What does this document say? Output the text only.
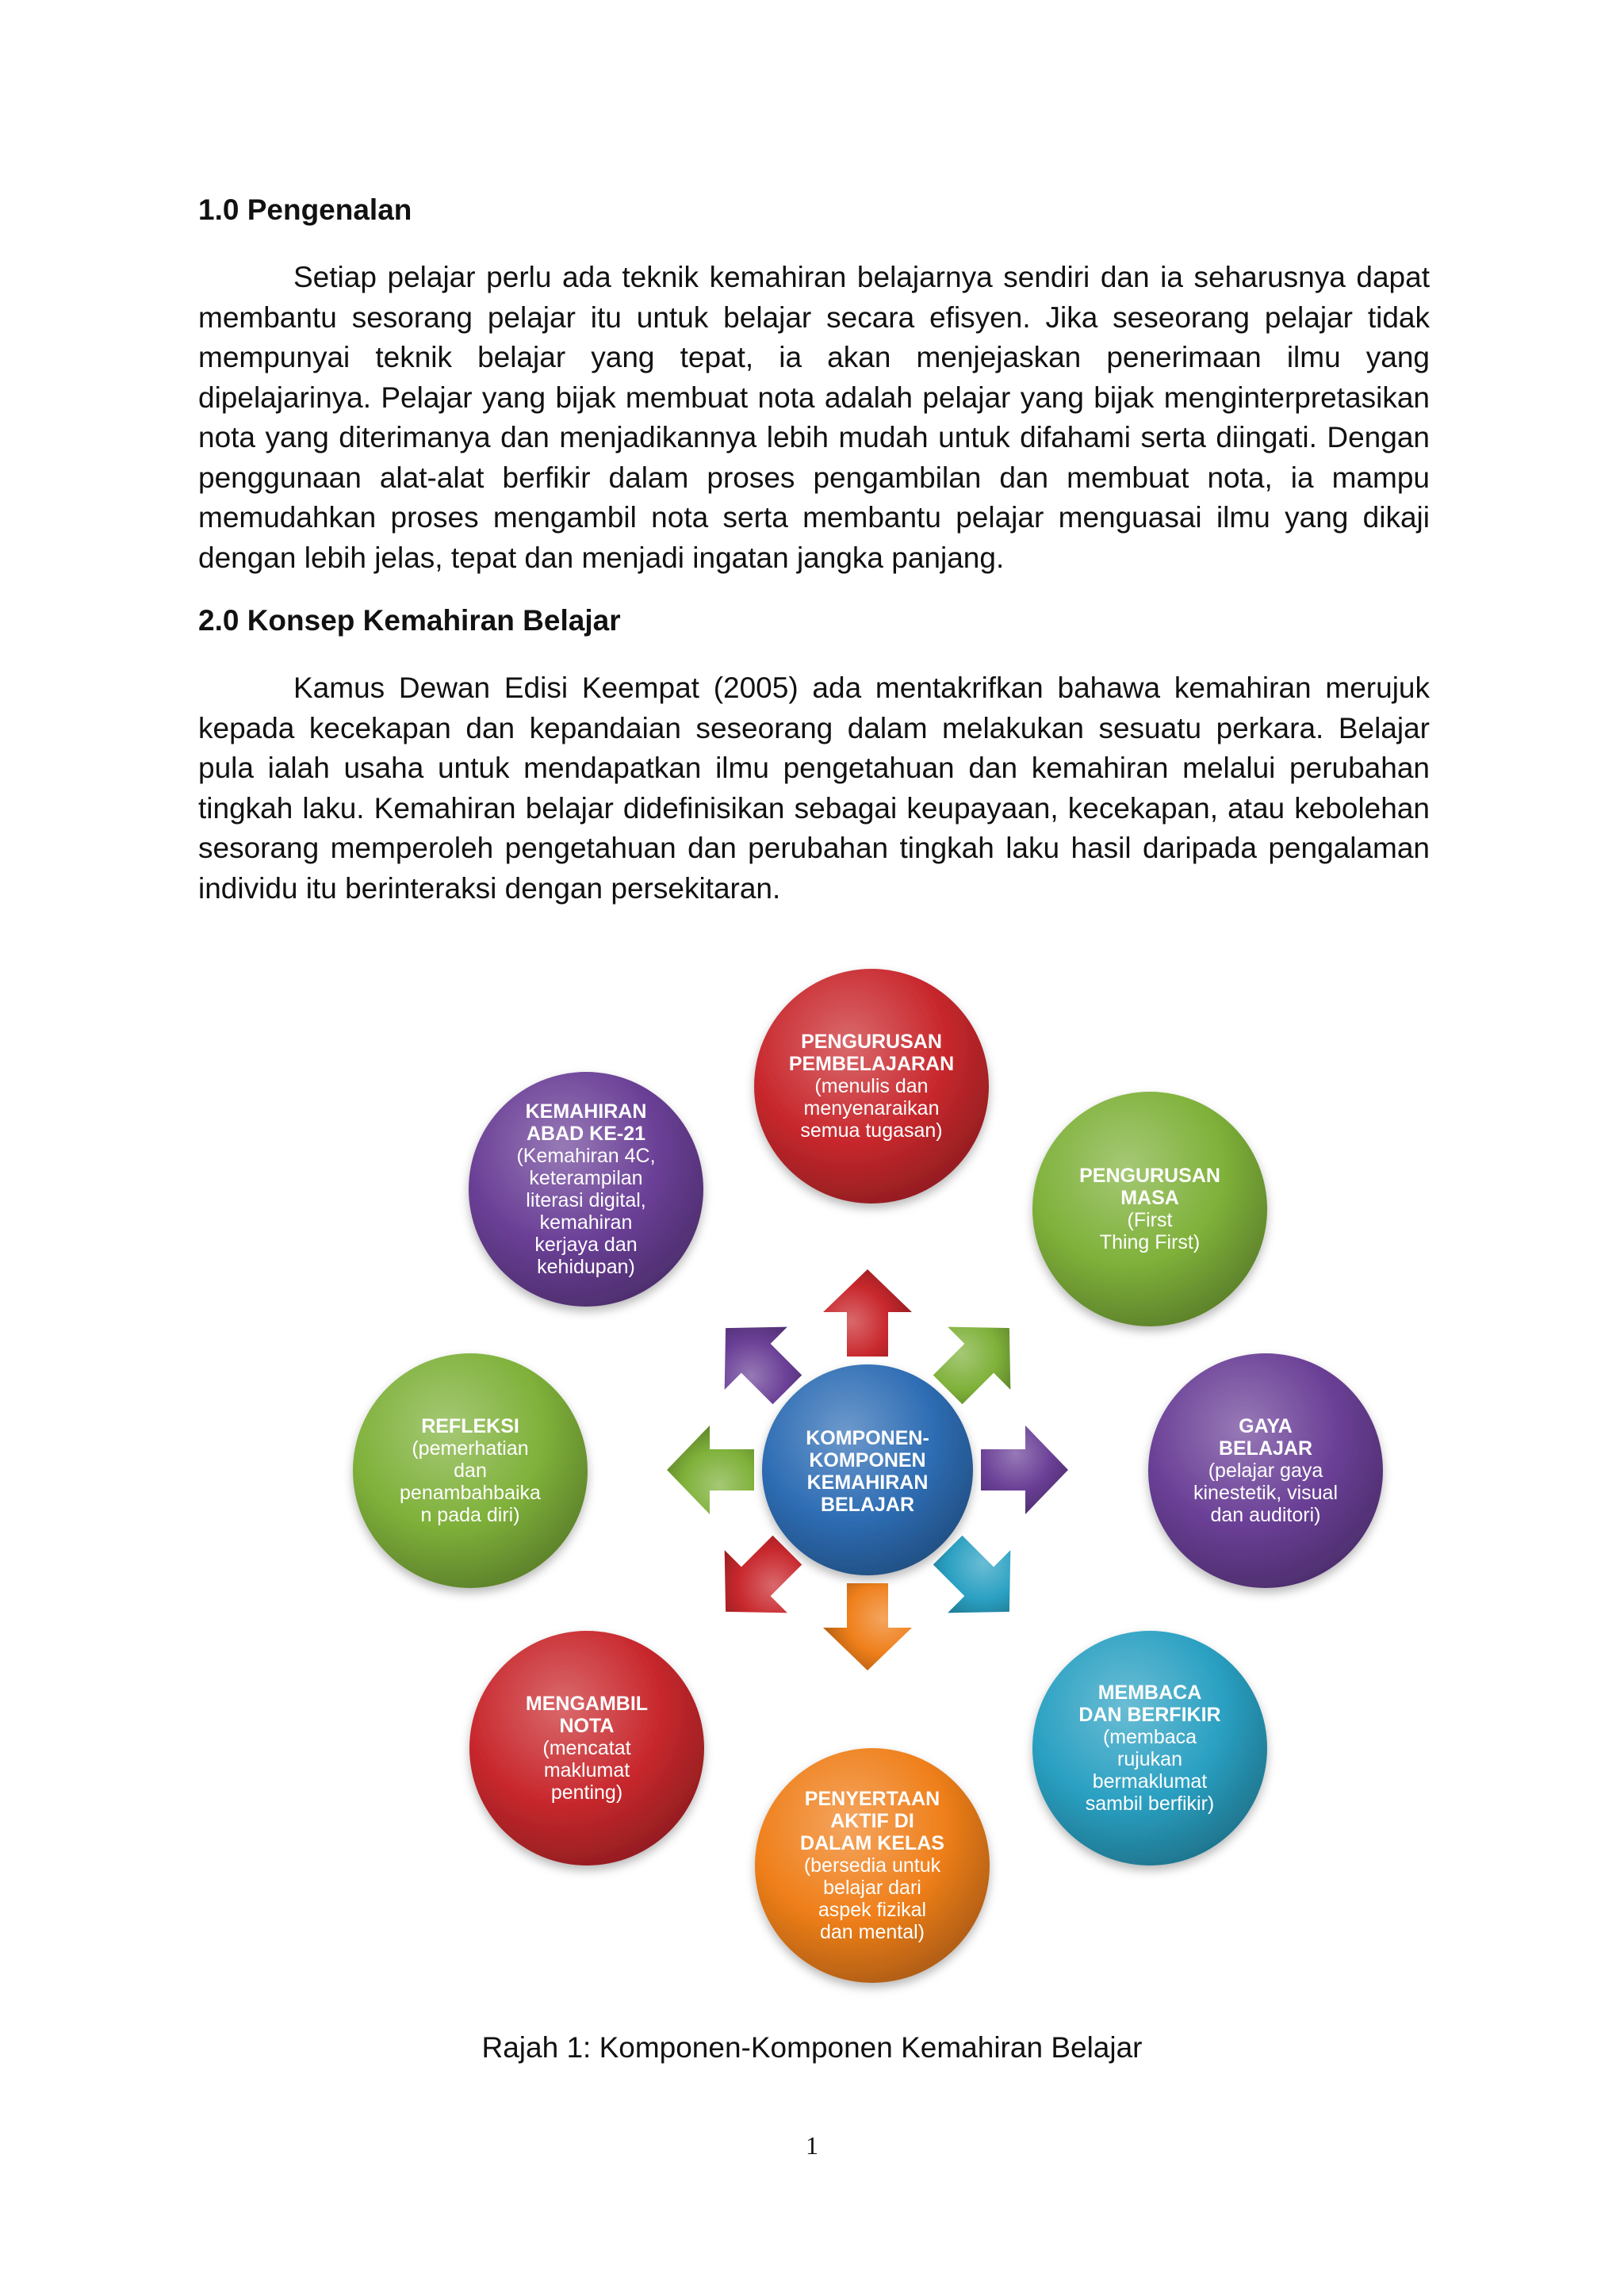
1.0 Pengenalan

Setiap pelajar perlu ada teknik kemahiran belajarnya sendiri dan ia seharusnya dapat membantu sesorang pelajar itu untuk belajar secara efisyen. Jika seseorang pelajar tidak mempunyai teknik belajar yang tepat, ia akan menjejaskan penerimaan ilmu yang dipelajarinya. Pelajar yang bijak membuat nota adalah pelajar yang bijak menginterpretasikan nota yang diterimanya dan menjadikannya lebih mudah untuk difahami serta diingati. Dengan penggunaan alat-alat berfikir dalam proses pengambilan dan membuat nota, ia mampu memudahkan proses mengambil nota serta membantu pelajar menguasai ilmu yang dikaji dengan lebih jelas, tepat dan menjadi ingatan jangka panjang.

2.0 Konsep Kemahiran Belajar

Kamus Dewan Edisi Keempat (2005) ada mentakrifkan bahawa kemahiran merujuk kepada kecekapan dan kepandaian seseorang dalam melakukan sesuatu perkara. Belajar pula ialah usaha untuk mendapatkan ilmu pengetahuan dan kemahiran melalui perubahan tingkah laku. Kemahiran belajar didefinisikan sebagai keupayaan, kecekapan, atau kebolehan sesorang memperoleh pengetahuan dan perubahan tingkah laku hasil daripada pengalaman individu itu berinteraksi dengan persekitaran.

PENGURUSAN PEMBELAJARAN (menulis dan menyenaraikan semua tugasan)
PENGURUSAN MASA (First Thing First)
GAYA BELAJAR (pelajar gaya kinestetik, visual dan auditori)
MEMBACA DAN BERFIKIR (membaca rujukan bermaklumat sambil berfikir)
PENYERTAAN AKTIF DI DALAM KELAS (bersedia untuk belajar dari aspek fizikal dan mental)
MENGAMBIL NOTA (mencatat maklumat penting)
REFLEKSI (pemerhatian dan penambahbaika n pada diri)
KEMAHIRAN ABAD KE-21 (Kemahiran 4C, keterampilan literasi digital, kemahiran kerjaya dan kehidupan)
KOMPONEN-KOMPONEN KEMAHIRAN BELAJAR

Rajah 1: Komponen-Komponen Kemahiran Belajar

1
